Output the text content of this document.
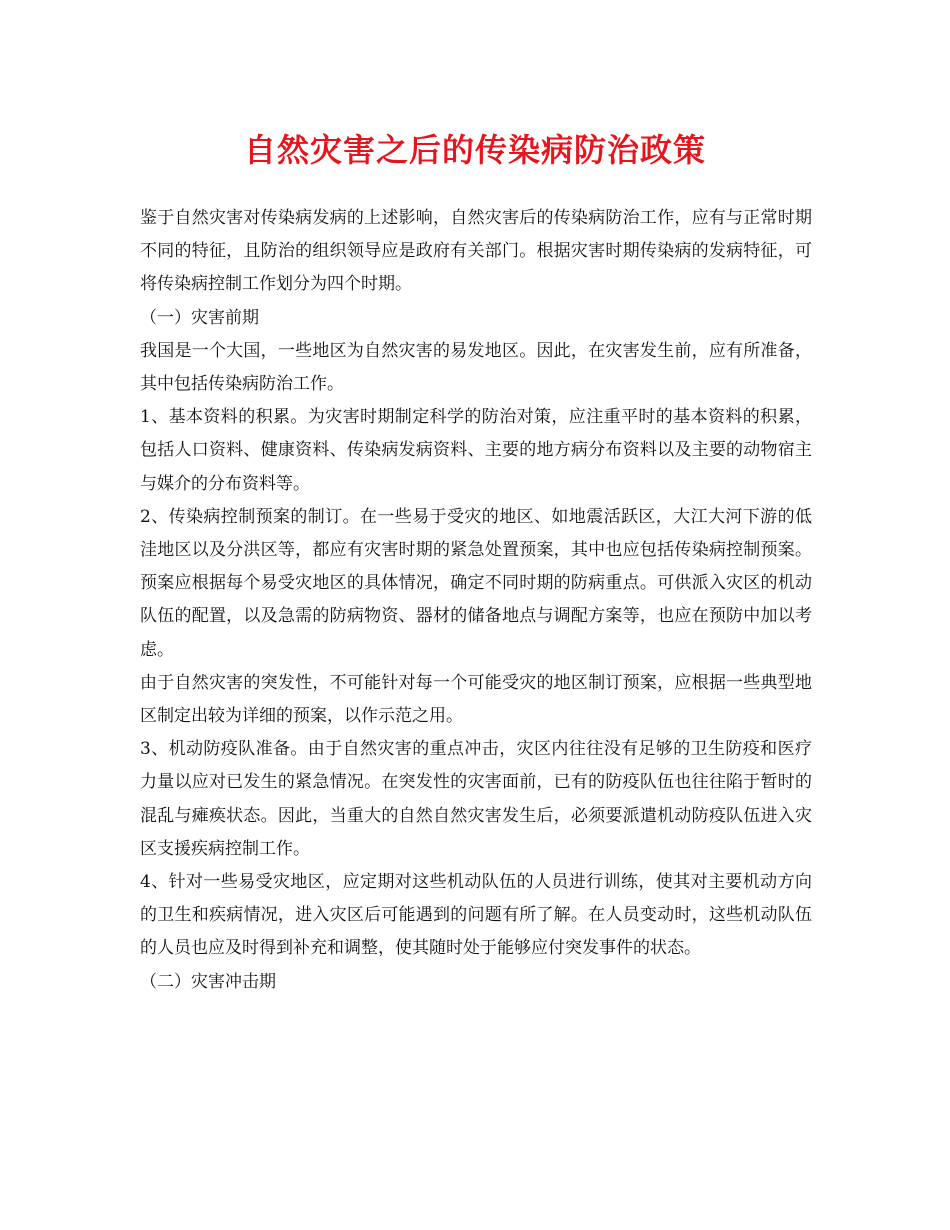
自然灾害之后的传染病防治政策

鉴于自然灾害对传染病发病的上述影响，自然灾害后的传染病防治工作，应有与正常时期不同的特征，且防治的组织领导应是政府有关部门。根据灾害时期传染病的发病特征，可将传染病控制工作划分为四个时期。

（一）灾害前期

我国是一个大国，一些地区为自然灾害的易发地区。因此，在灾害发生前，应有所准备，其中包括传染病防治工作。

1、基本资料的积累。为灾害时期制定科学的防治对策，应注重平时的基本资料的积累，包括人口资料、健康资料、传染病发病资料、主要的地方病分布资料以及主要的动物宿主与媒介的分布资料等。

2、传染病控制预案的制订。在一些易于受灾的地区、如地震活跃区，大江大河下游的低洼地区以及分洪区等，都应有灾害时期的紧急处置预案，其中也应包括传染病控制预案。预案应根据每个易受灾地区的具体情况，确定不同时期的防病重点。可供派入灾区的机动队伍的配置，以及急需的防病物资、器材的储备地点与调配方案等，也应在预防中加以考虑。

由于自然灾害的突发性，不可能针对每一个可能受灾的地区制订预案，应根据一些典型地区制定出较为详细的预案，以作示范之用。

3、机动防疫队准备。由于自然灾害的重点冲击，灾区内往往没有足够的卫生防疫和医疗力量以应对已发生的紧急情况。在突发性的灾害面前，已有的防疫队伍也往往陷于暂时的混乱与瘫痪状态。因此，当重大的自然自然灾害发生后，必须要派遣机动防疫队伍进入灾区支援疾病控制工作。

4、针对一些易受灾地区，应定期对这些机动队伍的人员进行训练，使其对主要机动方向的卫生和疾病情况，进入灾区后可能遇到的问题有所了解。在人员变动时，这些机动队伍的人员也应及时得到补充和调整，使其随时处于能够应付突发事件的状态。

（二）灾害冲击期
